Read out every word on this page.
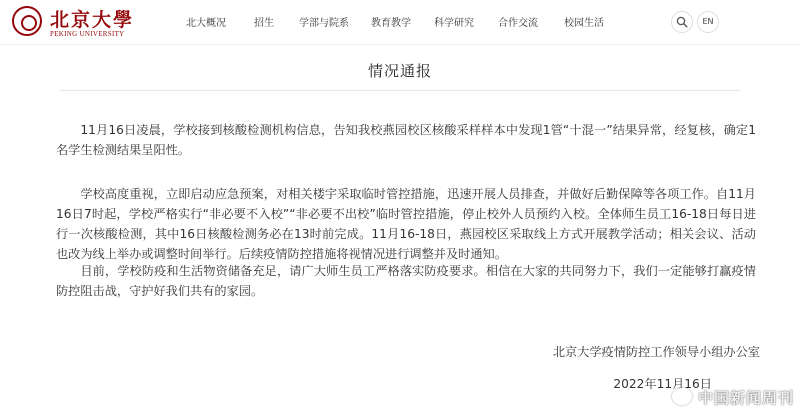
北京大學
PEKING UNIVERSITY
北大概况	招生	学部与院系 教育教学 科学研究 合作交流	校园生活	EN
情况通报

11月16日凌晨，学校接到核酸检测机构信息，告知我校燕园校区核酸采样样本中发现1管“十混一”结果异常，经复核，确定1名学生检测结果呈阳性。

学校高度重视，立即启动应急预案，对相关楼宇采取临时管控措施，迅速开展人员排查，并做好后勤保障等各项工作。自11月16日7时起，学校严格实行“非必要不入校”“非必要不出校”临时管控措施，停止校外人员预约入校。全体师生员工16-18日每日进行一次核酸检测，其中16日核酸检测务必在13时前完成。11月16-18日，燕园校区采取线上方式开展教学活动；相关会议、活动也改为线上举办或调整时间举行。后续疫情防控措施将视情况进行调整并及时通知。

目前，学校防疫和生活物资储备充足，请广大师生员工严格落实防疫要求。相信在大家的共同努力下，我们一定能够打赢疫情防控阻击战，守护好我们共有的家园。

北京大学疫情防控工作领导小组办公室
2022年11月16日
中国新闻周刊
